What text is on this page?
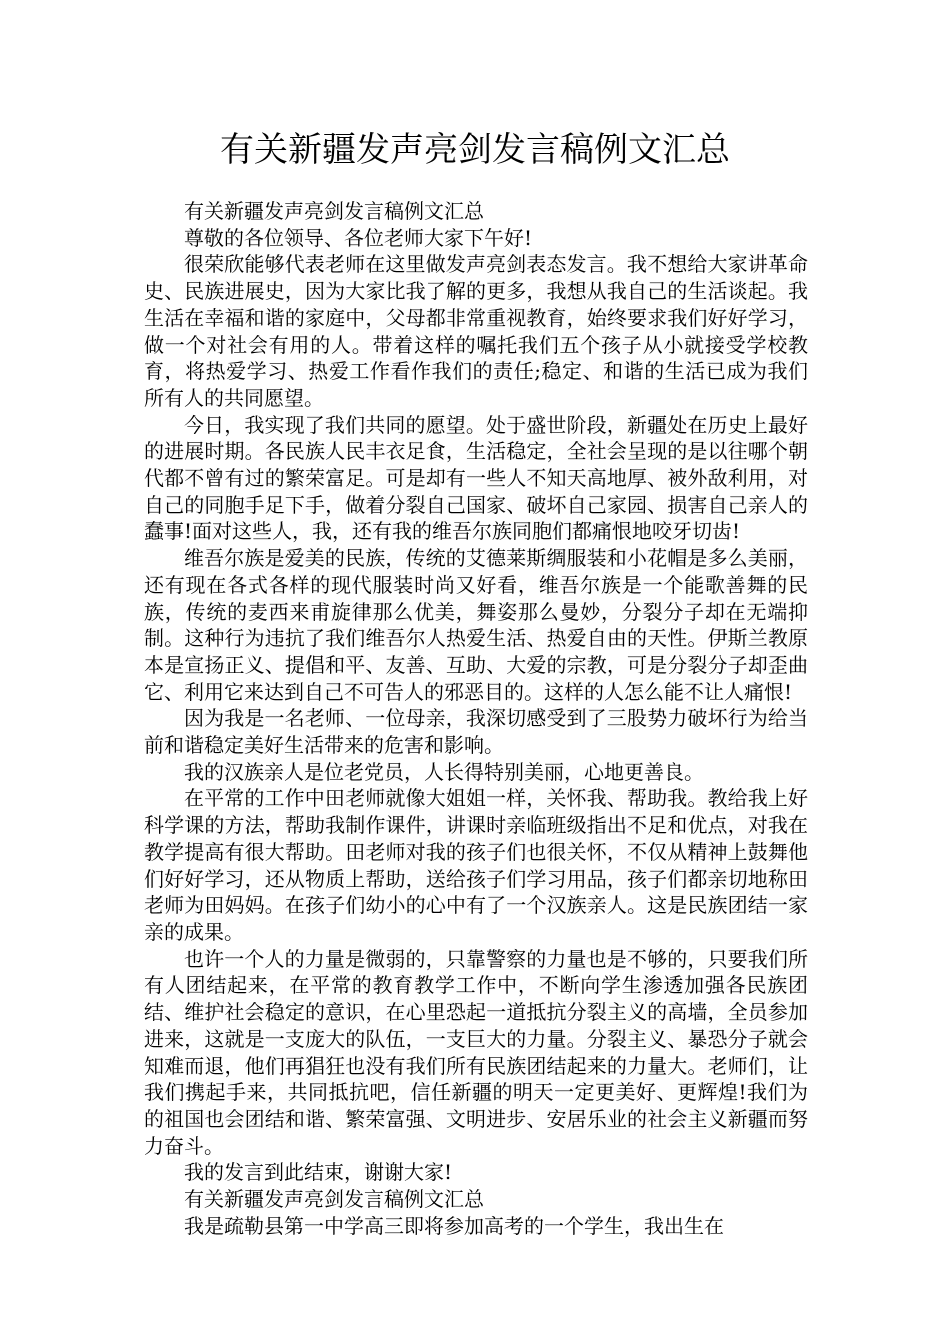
有关新疆发声亮剑发言稿例文汇总

有关新疆发声亮剑发言稿例文汇总

尊敬的各位领导、各位老师大家下午好!

很荣欣能够代表老师在这里做发声亮剑表态发言。我不想给大家讲革命史、民族进展史，因为大家比我了解的更多，我想从我自己的生活谈起。我生活在幸福和谐的家庭中，父母都非常重视教育，始终要求我们好好学习，做一个对社会有用的人。带着这样的嘱托我们五个孩子从小就接受学校教育，将热爱学习、热爱工作看作我们的责任;稳定、和谐的生活已成为我们所有人的共同愿望。

今日，我实现了我们共同的愿望。处于盛世阶段，新疆处在历史上最好的进展时期。各民族人民丰衣足食，生活稳定，全社会呈现的是以往哪个朝代都不曾有过的繁荣富足。可是却有一些人不知天高地厚、被外敌利用，对自己的同胞手足下手，做着分裂自己国家、破坏自己家园、损害自己亲人的蠢事!面对这些人，我，还有我的维吾尔族同胞们都痛恨地咬牙切齿!

维吾尔族是爱美的民族，传统的艾德莱斯绸服装和小花帽是多么美丽，还有现在各式各样的现代服装时尚又好看，维吾尔族是一个能歌善舞的民族，传统的麦西来甫旋律那么优美，舞姿那么曼妙，分裂分子却在无端抑制。这种行为违抗了我们维吾尔人热爱生活、热爱自由的天性。伊斯兰教原本是宣扬正义、提倡和平、友善、互助、大爱的宗教，可是分裂分子却歪曲它、利用它来达到自己不可告人的邪恶目的。这样的人怎么能不让人痛恨!

因为我是一名老师、一位母亲，我深切感受到了三股势力破坏行为给当前和谐稳定美好生活带来的危害和影响。

我的汉族亲人是位老党员，人长得特别美丽，心地更善良。

在平常的工作中田老师就像大姐姐一样，关怀我、帮助我。教给我上好科学课的方法，帮助我制作课件，讲课时亲临班级指出不足和优点，对我在教学提高有很大帮助。田老师对我的孩子们也很关怀，不仅从精神上鼓舞他们好好学习，还从物质上帮助，送给孩子们学习用品，孩子们都亲切地称田老师为田妈妈。在孩子们幼小的心中有了一个汉族亲人。这是民族团结一家亲的成果。

也许一个人的力量是微弱的，只靠警察的力量也是不够的，只要我们所有人团结起来，在平常的教育教学工作中，不断向学生渗透加强各民族团结、维护社会稳定的意识，在心里恐起一道抵抗分裂主义的高墙，全员参加进来，这就是一支庞大的队伍，一支巨大的力量。分裂主义、暴恐分子就会知难而退，他们再猖狂也没有我们所有民族团结起来的力量大。老师们，让我们携起手来，共同抵抗吧，信任新疆的明天一定更美好、更辉煌!我们为的祖国也会团结和谐、繁荣富强、文明进步、安居乐业的社会主义新疆而努力奋斗。

我的发言到此结束，谢谢大家!

有关新疆发声亮剑发言稿例文汇总

我是疏勒县第一中学高三即将参加高考的一个学生，我出生在
